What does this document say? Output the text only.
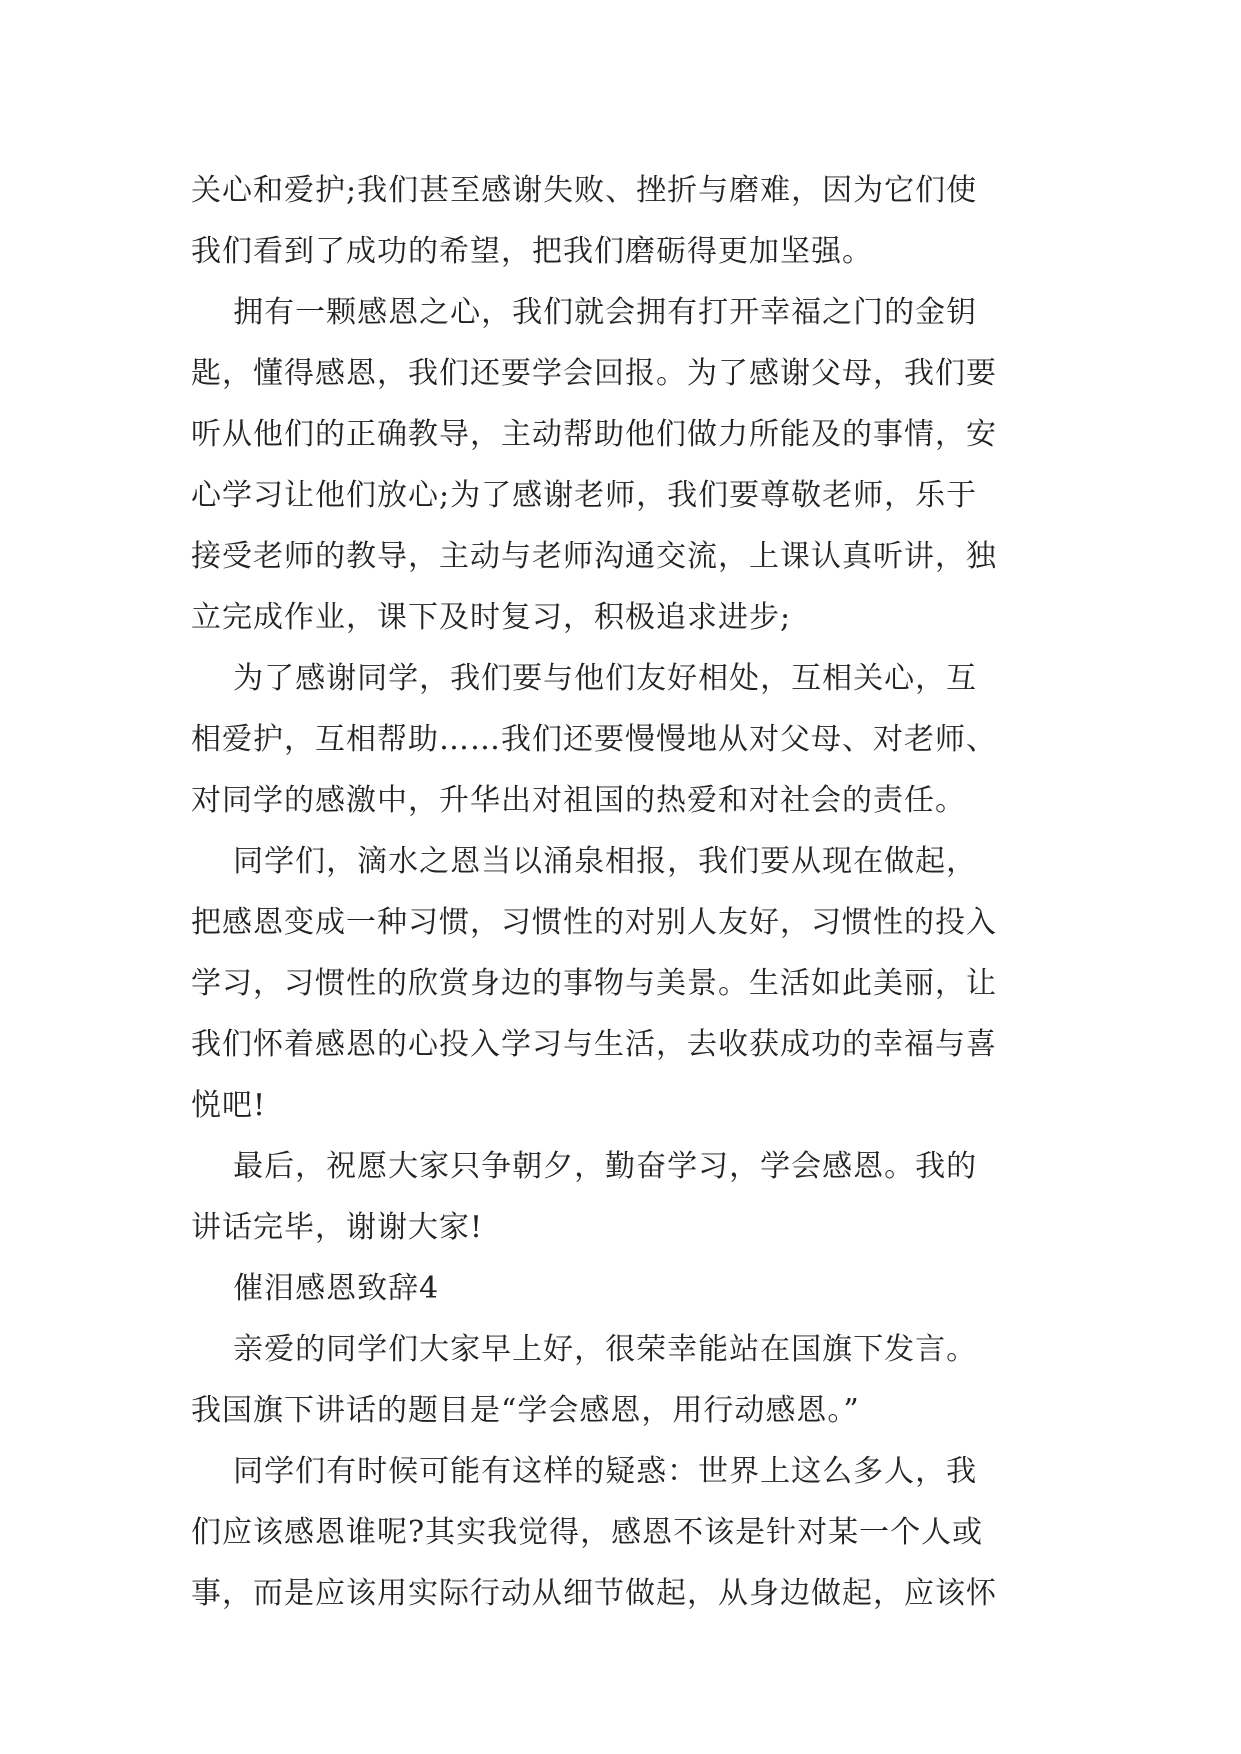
关心和爱护;我们甚至感谢失败、挫折与磨难，因为它们使

我们看到了成功的希望，把我们磨砺得更加坚强。

拥有一颗感恩之心，我们就会拥有打开幸福之门的金钥

匙，懂得感恩，我们还要学会回报。为了感谢父母，我们要

听从他们的正确教导，主动帮助他们做力所能及的事情，安

心学习让他们放心;为了感谢老师，我们要尊敬老师，乐于

接受老师的教导，主动与老师沟通交流，上课认真听讲，独

立完成作业，课下及时复习，积极追求进步;

为了感谢同学，我们要与他们友好相处，互相关心，互

相爱护，互相帮助……我们还要慢慢地从对父母、对老师、

对同学的感激中，升华出对祖国的热爱和对社会的责任。

同学们，滴水之恩当以涌泉相报，我们要从现在做起，

把感恩变成一种习惯，习惯性的对别人友好，习惯性的投入

学习，习惯性的欣赏身边的事物与美景。生活如此美丽，让

我们怀着感恩的心投入学习与生活，去收获成功的幸福与喜

悦吧!

最后，祝愿大家只争朝夕，勤奋学习，学会感恩。我的

讲话完毕，谢谢大家!

催泪感恩致辞4

亲爱的同学们大家早上好，很荣幸能站在国旗下发言。

我国旗下讲话的题目是“学会感恩，用行动感恩。”

同学们有时候可能有这样的疑惑：世界上这么多人，我

们应该感恩谁呢?其实我觉得，感恩不该是针对某一个人或

事，而是应该用实际行动从细节做起，从身边做起，应该怀
